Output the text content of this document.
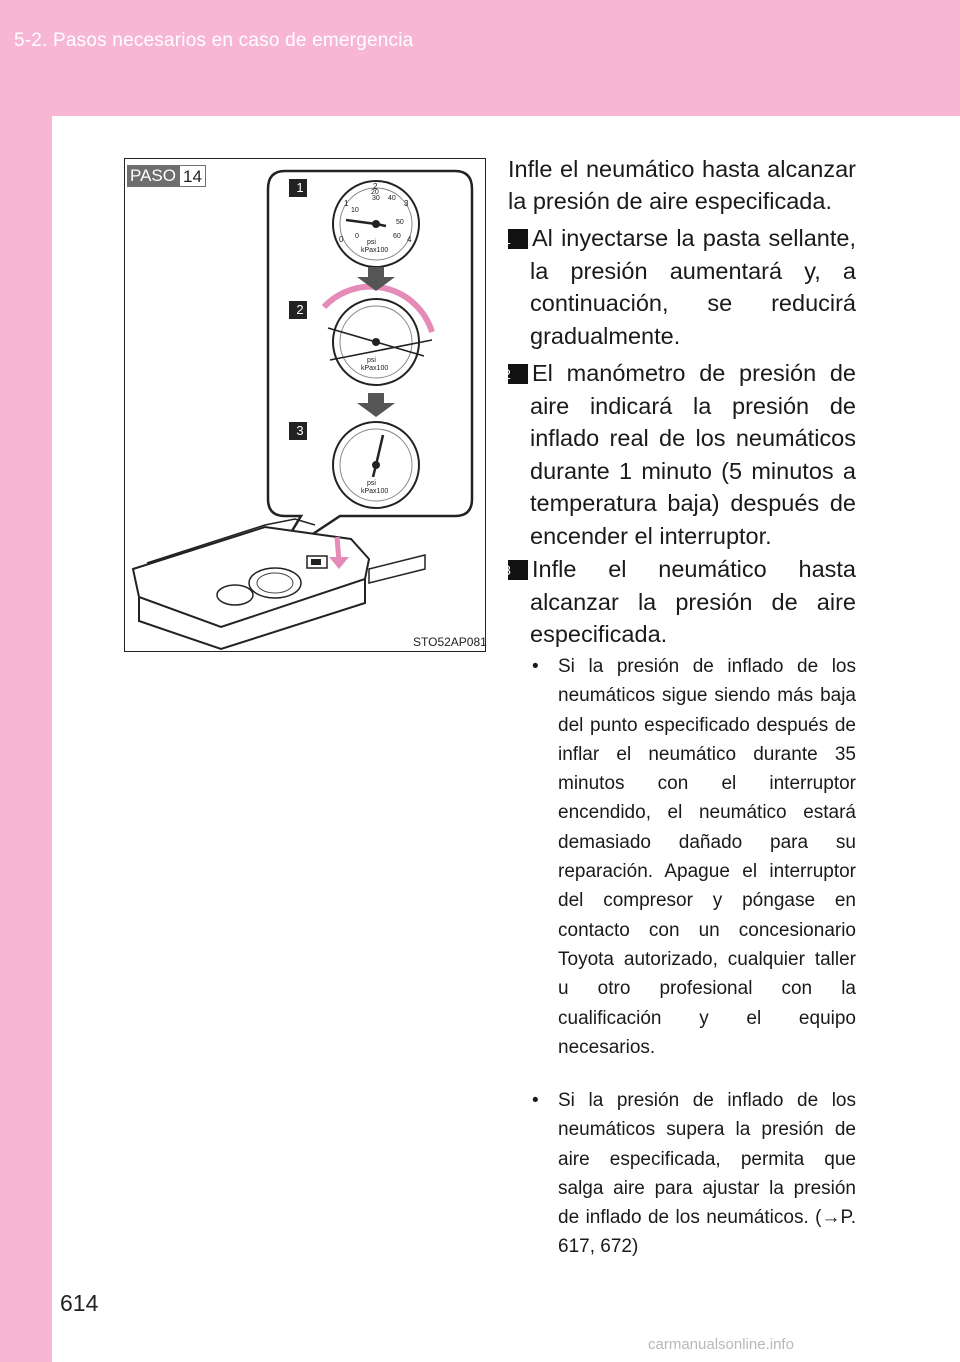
5-2. Pasos necesarios en caso de emergencia
PASO 14
1
2
3
kPax100
psi
kPax100
psi
kPax100
psi
20
30 40
10
50
0	60
0
1
2
3
4
STO52AP081

Infle el neumático hasta alcanzar la presión de aire especificada.

1 Al inyectarse la pasta sellante, la presión aumentará y, a continuación, se reducirá gradualmente.
2 El manómetro de presión de aire indicará la presión de inflado real de los neumáticos durante 1 minuto (5 minutos a temperatura baja) después de encender el interruptor.
3 Infle el neumático hasta alcanzar la presión de aire especificada.
• Si la presión de inflado de los neumáticos sigue siendo más baja del punto especificado después de inflar el neumático durante 35 minutos con el interruptor encendido, el neumático estará demasiado dañado para su reparación. Apague el interruptor del compresor y póngase en contacto con un concesionario Toyota autorizado, cualquier taller u otro profesional con la cualificación y el equipo necesarios.
• Si la presión de inflado de los neumáticos supera la presión de aire especificada, permita que salga aire para ajustar la presión de inflado de los neumáticos. (→P. 617, 672)
614
carmanualsonline.info
